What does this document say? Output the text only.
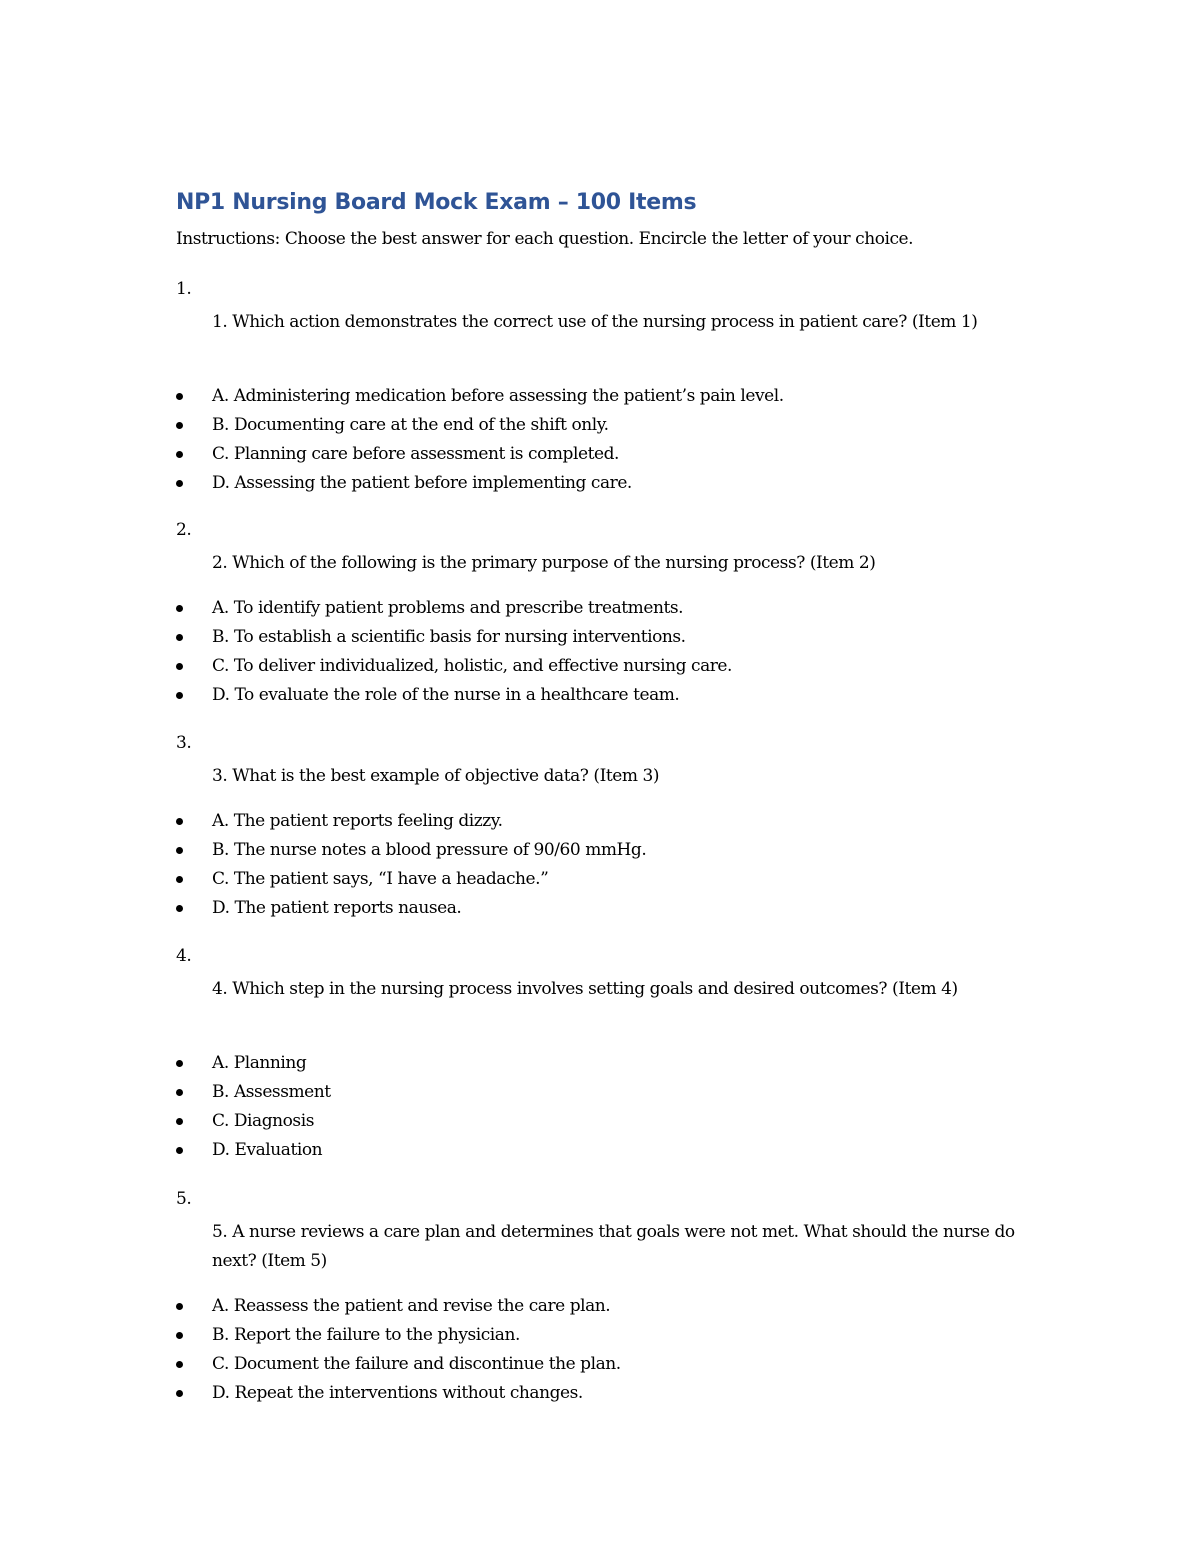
NP1 Nursing Board Mock Exam – 100 Items

Instructions: Choose the best answer for each question. Encircle the letter of your choice.

1.
1. Which action demonstrates the correct use of the nursing process in patient care? (Item 1)
A. Administering medication before assessing the patient’s pain level.
B. Documenting care at the end of the shift only.
C. Planning care before assessment is completed.
D. Assessing the patient before implementing care.
2.
2. Which of the following is the primary purpose of the nursing process? (Item 2)
A. To identify patient problems and prescribe treatments.
B. To establish a scientific basis for nursing interventions.
C. To deliver individualized, holistic, and effective nursing care.
D. To evaluate the role of the nurse in a healthcare team.
3.
3. What is the best example of objective data? (Item 3)
A. The patient reports feeling dizzy.
B. The nurse notes a blood pressure of 90/60 mmHg.
C. The patient says, “I have a headache.”
D. The patient reports nausea.
4.
4. Which step in the nursing process involves setting goals and desired outcomes? (Item 4)
A. Planning
B. Assessment
C. Diagnosis
D. Evaluation
5.
5. A nurse reviews a care plan and determines that goals were not met. What should the nurse do next? (Item 5)
A. Reassess the patient and revise the care plan.
B. Report the failure to the physician.
C. Document the failure and discontinue the plan.
D. Repeat the interventions without changes.
